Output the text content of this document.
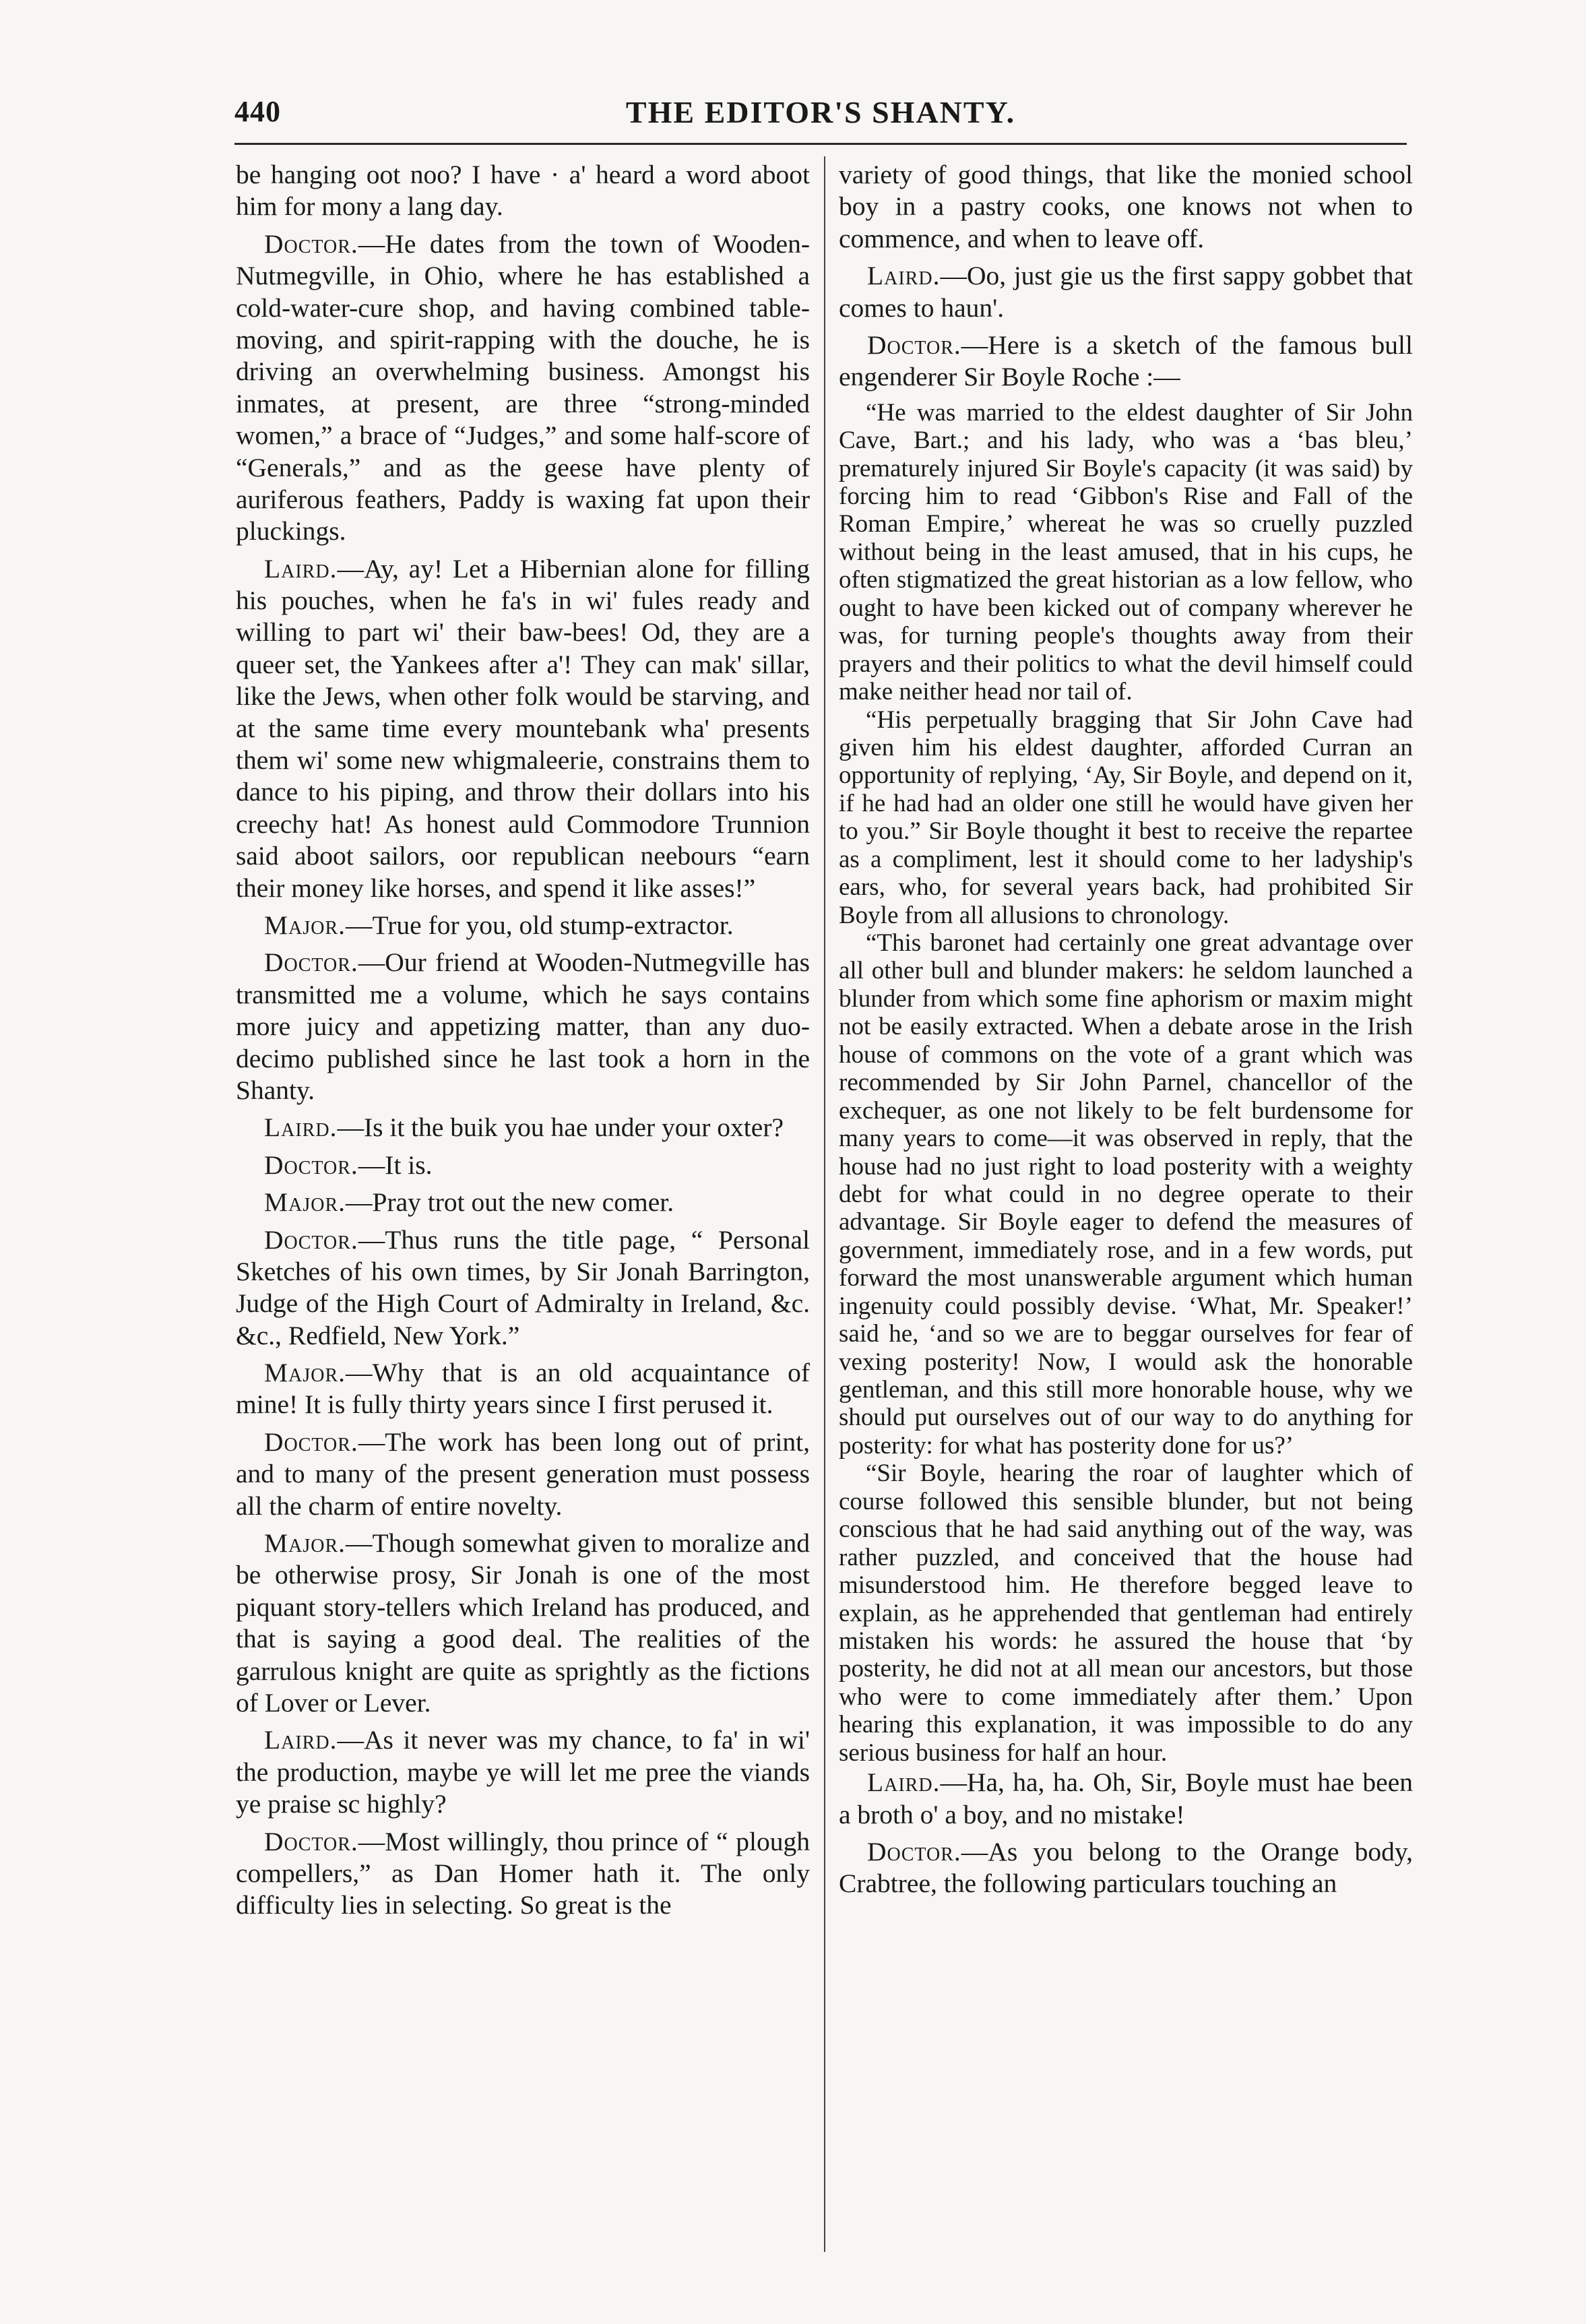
440	THE EDITOR'S SHANTY.

be hanging oot noo? I have · a' heard a word aboot him for mony a lang day.

Doctor.—He dates from the town of Wooden-Nutmegville, in Ohio, where he has established a cold-water-cure shop, and having combined table-moving, and spirit-rapping with the douche, he is driving an overwhelming business. Amongst his inmates, at present, are three “strong-minded women,” a brace of “Judges,” and some half-score of “Generals,” and as the geese have plenty of auriferous feathers, Paddy is waxing fat upon their pluckings.

Laird.—Ay, ay! Let a Hibernian alone for filling his pouches, when he fa's in wi' fules ready and willing to part wi' their baw-bees! Od, they are a queer set, the Yankees after a'! They can mak' sillar, like the Jews, when other folk would be starving, and at the same time every mountebank wha' presents them wi' some new whigmaleerie, constrains them to dance to his piping, and throw their dollars into his creechy hat! As honest auld Commodore Trunnion said aboot sailors, oor republican neebours “earn their money like horses, and spend it like asses!”

Major.—True for you, old stump-extractor.

Doctor.—Our friend at Wooden-Nutmegville has transmitted me a volume, which he says contains more juicy and appetizing matter, than any duo-decimo published since he last took a horn in the Shanty.

Laird.—Is it the buik you hae under your oxter?

Doctor.—It is.

Major.—Pray trot out the new comer.

Doctor.—Thus runs the title page, “ Personal Sketches of his own times, by Sir Jonah Barrington, Judge of the High Court of Admiralty in Ireland, &c. &c., Redfield, New York.”

Major.—Why that is an old acquaintance of mine! It is fully thirty years since I first perused it.

Doctor.—The work has been long out of print, and to many of the present generation must possess all the charm of entire novelty.

Major.—Though somewhat given to moralize and be otherwise prosy, Sir Jonah is one of the most piquant story-tellers which Ireland has produced, and that is saying a good deal. The realities of the garrulous knight are quite as sprightly as the fictions of Lover or Lever.

Laird.—As it never was my chance, to fa' in wi' the production, maybe ye will let me pree the viands ye praise sc highly?

Doctor.—Most willingly, thou prince of “ plough compellers,” as Dan Homer hath it. The only difficulty lies in selecting. So great is the

variety of good things, that like the monied school boy in a pastry cooks, one knows not when to commence, and when to leave off.

Laird.—Oo, just gie us the first sappy gobbet that comes to haun'.

Doctor.—Here is a sketch of the famous bull engenderer Sir Boyle Roche :—

“He was married to the eldest daughter of Sir John Cave, Bart.; and his lady, who was a ‘bas bleu,’ prematurely injured Sir Boyle's capacity (it was said) by forcing him to read ‘Gibbon's Rise and Fall of the Roman Empire,’ whereat he was so cruelly puzzled without being in the least amused, that in his cups, he often stigmatized the great historian as a low fellow, who ought to have been kicked out of company wherever he was, for turning people's thoughts away from their prayers and their politics to what the devil himself could make neither head nor tail of.

“His perpetually bragging that Sir John Cave had given him his eldest daughter, afforded Curran an opportunity of replying, ‘Ay, Sir Boyle, and depend on it, if he had had an older one still he would have given her to you.” Sir Boyle thought it best to receive the repartee as a compliment, lest it should come to her ladyship's ears, who, for several years back, had prohibited Sir Boyle from all allusions to chronology.

“This baronet had certainly one great advantage over all other bull and blunder makers: he seldom launched a blunder from which some fine aphorism or maxim might not be easily extracted. When a debate arose in the Irish house of commons on the vote of a grant which was recommended by Sir John Parnel, chancellor of the exchequer, as one not likely to be felt burdensome for many years to come—it was observed in reply, that the house had no just right to load posterity with a weighty debt for what could in no degree operate to their advantage. Sir Boyle eager to defend the measures of government, immediately rose, and in a few words, put forward the most unanswerable argument which human ingenuity could possibly devise. ‘What, Mr. Speaker!’ said he, ‘and so we are to beggar ourselves for fear of vexing posterity! Now, I would ask the honorable gentleman, and this still more honorable house, why we should put ourselves out of our way to do anything for posterity: for what has posterity done for us?’

“Sir Boyle, hearing the roar of laughter which of course followed this sensible blunder, but not being conscious that he had said anything out of the way, was rather puzzled, and conceived that the house had misunderstood him. He therefore begged leave to explain, as he apprehended that gentleman had entirely mistaken his words: he assured the house that ‘by posterity, he did not at all mean our ancestors, but those who were to come immediately after them.’ Upon hearing this explanation, it was impossible to do any serious business for half an hour.

Laird.—Ha, ha, ha. Oh, Sir, Boyle must hae been a broth o' a boy, and no mistake!

Doctor.—As you belong to the Orange body, Crabtree, the following particulars touching an
